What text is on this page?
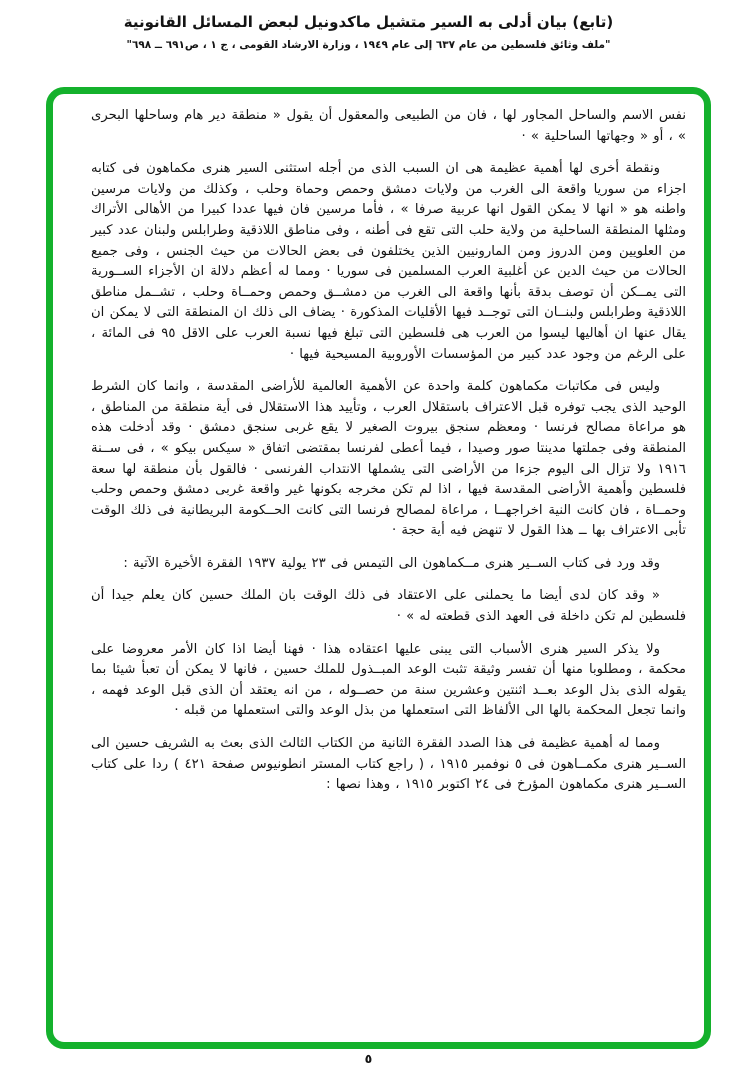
(تابع) بيان أدلى به السير متشيل ماكدونيل لبعض المسائل القانونية
"ملف وثائق فلسطين من عام ٦٣٧ إلى عام ١٩٤٩ ، وزارة الارشاد القومى ، ج ١ ، ص٦٩١ ــ ٦٩٨"

نفس الاسم والساحل المجاور لها ، فان من الطبيعى والمعقول أن يقول « منطقة دير هام وساحلها البحرى » ، أو « وجهاتها الساحلية » ·

ونقطة أخرى لها أهمية عظيمة هى ان السبب الذى من أجله استثنى السير هنرى مكماهون فى كتابه اجزاء من سوريا واقعة الى الغرب من ولايات دمشق وحمص وحماة وحلب ، وكذلك من ولايات مرسين واطنه هو « انها لا يمكن القول انها عربية صرفا » ، فأما مرسين فان فيها عددا كبيرا من الأهالى الأتراك ومثلها المنطقة الساحلية من ولاية حلب التى تقع فى أطنه ، وفى مناطق اللاذقية وطرابلس ولبنان عدد كبير من العلويين ومن الدروز ومن المارونيين الذين يختلفون فى بعض الحالات من حيث الجنس ، وفى جميع الحالات من حيث الدين عن أغلبية العرب المسلمين فى سوريا · ومما له أعظم دلالة ان الأجزاء الســورية التى يمــكن أن توصف بدقة بأنها واقعة الى الغرب من دمشــق وحمص وحمــاة وحلب ، تشــمل مناطق اللاذقية وطرابلس ولبنــان التى توجــد فيها الأقليات المذكورة · يضاف الى ذلك ان المنطقة التى لا يمكن ان يقال عنها ان أهاليها ليسوا من العرب هى فلسطين التى تبلغ فيها نسبة العرب على الاقل ٩٥ فى المائة ، على الرغم من وجود عدد كبير من المؤسسات الأوروبية المسيحية فيها ·

وليس فى مكاتبات مكماهون كلمة واحدة عن الأهمية العالمية للأراضى المقدسة ، وانما كان الشرط الوحيد الذى يجب توفره قبل الاعتراف باستقلال العرب ، وتأييد هذا الاستقلال فى أية منطقة من المناطق ، هو مراعاة مصالح فرنسا · ومعظم سنجق بيروت الصغير لا يقع غربى سنجق دمشق · وقد أدخلت هذه المنطقة وفى جملتها مدينتا صور وصيدا ، فيما أعطى لفرنسا بمقتضى اتفاق « سيكس بيكو » ، فى ســنة ١٩١٦ ولا تزال الى اليوم جزءا من الأراضى التى يشملها الانتداب الفرنسى · فالقول بأن منطقة لها سعة فلسطين وأهمية الأراضى المقدسة فيها ، اذا لم تكن مخرجه بكونها غير واقعة غربى دمشق وحمص وحلب وحمــاة ، فان كانت النية اخراجهــا ، مراعاة لمصالح فرنسا التى كانت الحــكومة البريطانية فى ذلك الوقت تأبى الاعتراف بها ــ هذا القول لا تنهض فيه أية حجة ·

وقد ورد فى كتاب الســير هنرى مــكماهون الى التيمس فى ٢٣ يولية ١٩٣٧ الفقرة الأخيرة الآتية :

« وقد كان لدى أيضا ما يحملنى على الاعتقاد فى ذلك الوقت بان الملك حسين كان يعلم جيدا أن فلسطين لم تكن داخلة فى العهد الذى قطعته له » ·

ولا يذكر السير هنرى الأسباب التى يبنى عليها اعتقاده هذا · فهنا أيضا اذا كان الأمر معروضا على محكمة ، ومطلوبا منها أن تفسر وثيقة تثبت الوعد المبــذول للملك حسين ، فانها لا يمكن أن تعبأ شيئا بما يقوله الذى بذل الوعد بعــد اثنتين وعشرين سنة من حصــوله ، من انه يعتقد أن الذى قبل الوعد فهمه ، وانما تجعل المحكمة بالها الى الألفاظ التى استعملها من بذل الوعد والتى استعملها من قبله ·

ومما له أهمية عظيمة فى هذا الصدد الفقرة الثانية من الكتاب الثالث الذى بعث به الشريف حسين الى الســير هنرى مكمــاهون فى ٥ نوفمبر ١٩١٥ ، ( راجع كتاب المستر انطونيوس صفحة ٤٢١ ) ردا على كتاب الســير هنرى مكماهون المؤرخ فى ٢٤ اكتوبر ١٩١٥ ، وهذا نصها :

٥
